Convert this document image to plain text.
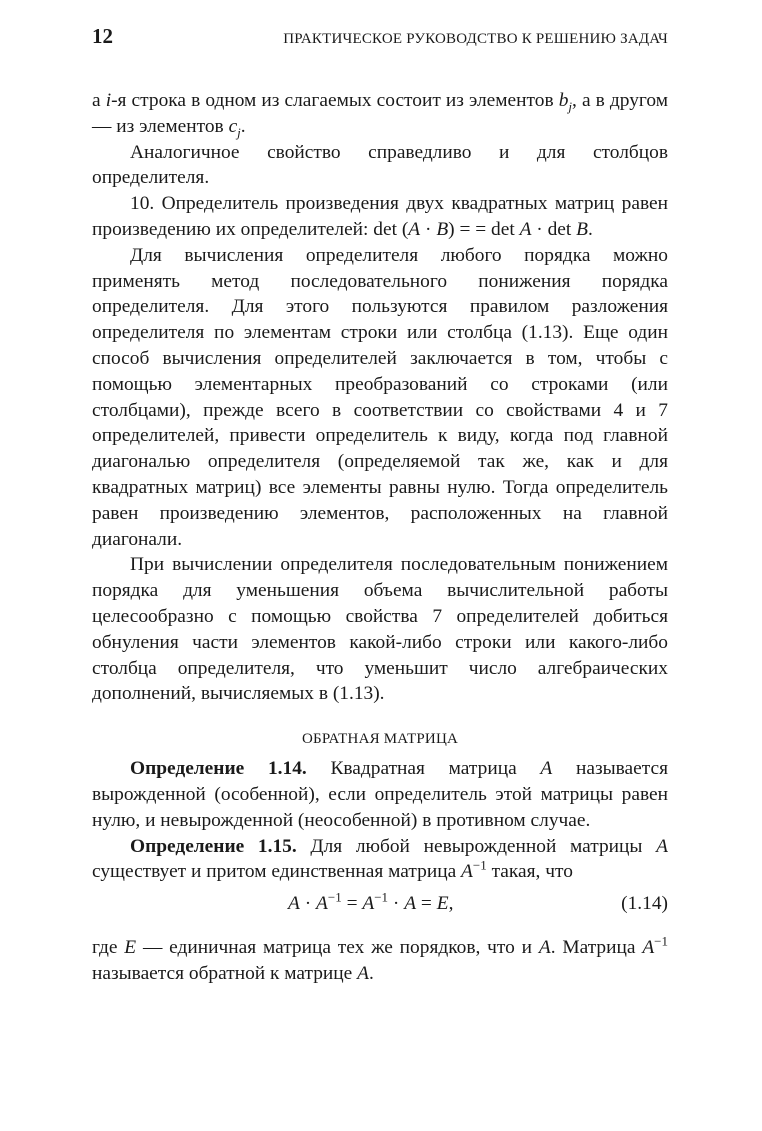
12	ПРАКТИЧЕСКОЕ РУКОВОДСТВО К РЕШЕНИЮ ЗАДАЧ

а i-я строка в одном из слагаемых состоит из элементов $b_j$, а в другом — из элементов $c_j$.

Аналогичное свойство справедливо и для столбцов определителя.

10. Определитель произведения двух квадратных матриц равен произведению их определителей: det (A · B) = = det A · det B.

Для вычисления определителя любого порядка можно применять метод последовательного понижения порядка определителя. Для этого пользуются правилом разложения определителя по элементам строки или столбца (1.13). Еще один способ вычисления определителей заключается в том, чтобы с помощью элементарных преобразований со строками (или столбцами), прежде всего в соответствии со свойствами 4 и 7 определителей, привести определитель к виду, когда под главной диагональю определителя (определяемой так же, как и для квадратных матриц) все элементы равны нулю. Тогда определитель равен произведению элементов, расположенных на главной диагонали.

При вычислении определителя последовательным понижением порядка для уменьшения объема вычислительной работы целесообразно с помощью свойства 7 определителей добиться обнуления части элементов какой-либо строки или какого-либо столбца определителя, что уменьшит число алгебраических дополнений, вычисляемых в (1.13).

ОБРАТНАЯ МАТРИЦА

Определение 1.14. Квадратная матрица A называется вырожденной (особенной), если определитель этой матрицы равен нулю, и невырожденной (неособенной) в противном случае.

Определение 1.15. Для любой невырожденной матрицы A существует и притом единственная матрица $A^{-1}$ такая, что

$A \cdot A^{-1} = A^{-1} \cdot A = E$,	(1.14)

где E — единичная матрица тех же порядков, что и A. Матрица $A^{-1}$ называется обратной к матрице A.
